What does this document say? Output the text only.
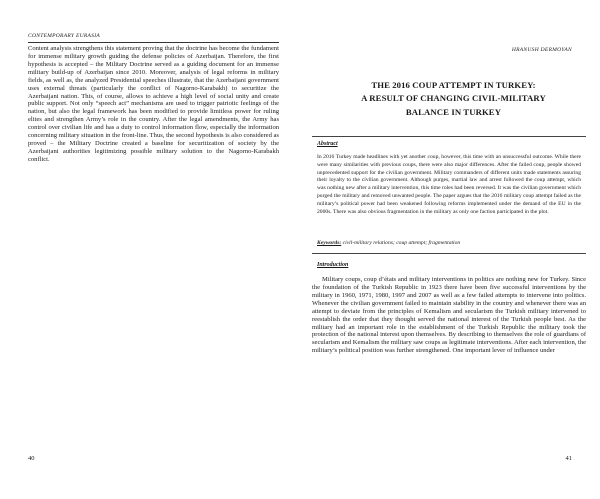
CONTEMPORARY EURASIA

Content analysis strengthens this statement proving that the doctrine has become the fundament for immense military growth guiding the defense policies of Azerbaijan. Therefore, the first hypothesis is accepted – the Military Doctrine served as a guiding document for an immense military build-up of Azerbaijan since 2010. Moreover, analysis of legal reforms in military fields, as well as, the analyzed Presidential speeches illustrate, that the Azerbaijani government uses external threats (particularly the conflict of Nagorno-Karabakh) to securitize the Azerbaijani nation. This, of course, allows to achieve a high level of social unity and create public support. Not only “speech act” mechanisms are used to trigger patriotic feelings of the nation, but also the legal framework has been modified to provide limitless power for ruling elites and strengthen Army’s role in the country. After the legal amendments, the Army has control over civilian life and has a duty to control information flow, especially the information concerning military situation in the front-line. Thus, the second hypothesis is also considered as proved – the Military Doctrine created a baseline for securitization of society by the Azerbaijani authorities legitimizing possible military solution to the Nagorno-Karabakh conflict.

40
HRANUSH DERMOYAN
THE 2016 COUP ATTEMPT IN TURKEY:
A RESULT OF CHANGING CIVIL-MILITARY
BALANCE IN TURKEY

Abstract

In 2016 Turkey made headlines with yet another coup, however, this time with an unsuccessful outcome. While there were many similarities with previous coups, there were also major differences. After the failed coup, people showed unprecedented support for the civilian government. Military commanders of different units made statements assuring their loyalty to the civilian government. Although purges, martial law and arrest followed the coup attempt, which was nothing new after a military intervention, this time roles had been reversed. It was the civilian government which purged the military and removed unwanted people. The paper argues that the 2016 military coup attempt failed as the military’s political power had been weakened following reforms implemented under the demand of the EU in the 2000s. There was also obvious fragmentation in the military as only one faction participated in the plot.

Keywords: civil-military relations; coup attempt; fragmentation

Introduction

Military coups, coup d’états and military interventions in politics are nothing new for Turkey. Since the foundation of the Turkish Republic in 1923 there have been five successful interventions by the military in 1960, 1971, 1980, 1997 and 2007 as well as a few failed attempts to intervene into politics. Whenever the civilian government failed to maintain stability in the country and whenever there was an attempt to deviate from the principles of Kemalism and secularism the Turkish military intervened to reestablish the order that they thought served the national interest of the Turkish people best. As the military had an important role in the establishment of the Turkish Republic the military took the protection of the national interest upon themselves. By describing to themselves the role of guardians of secularism and Kemalism the military saw coups as legitimate interventions. After each intervention, the military’s political position was further strengthened. One important lever of influence under

41
